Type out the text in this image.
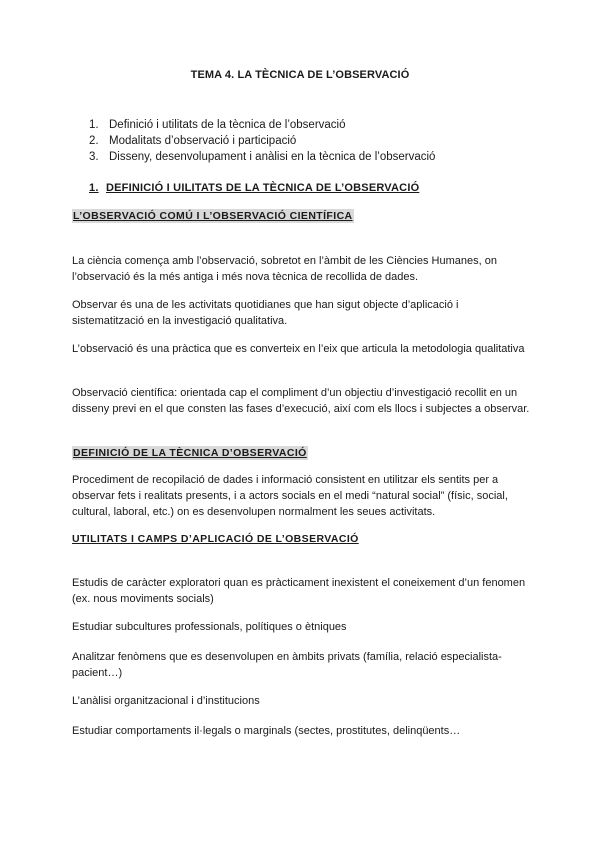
TEMA 4. LA TÈCNICA DE L’OBSERVACIÓ
1. Definició i utilitats de la tècnica de l’observació
2. Modalitats d’observació i participació
3. Disseny, desenvolupament i anàlisi en la tècnica de l’observació
1. DEFINICIÓ I UILITATS DE LA TÈCNICA DE L’OBSERVACIÓ
L’OBSERVACIÓ COMÚ I L’OBSERVACIÓ CIENTÍFICA

La ciència comença amb l’observació, sobretot en l’àmbit de les Ciències Humanes, on l’observació és la més antiga i més nova tècnica de recollida de dades.

Observar és una de les activitats quotidianes que han sigut objecte d’aplicació i sistematització en la investigació qualitativa.

L’observació és una pràctica que es converteix en l’eix que articula la metodologia qualitativa

Observació científica: orientada cap el compliment d’un objectiu d’investigació recollit en un disseny previ en el que consten las fases d’execució, així com els llocs i subjectes a observar.

DEFINICIÓ DE LA TÈCNICA D’OBSERVACIÓ

Procediment de recopilació de dades i informació consistent en utilitzar els sentits per a observar fets i realitats presents, i a actors socials en el medi “natural social” (físic, social, cultural, laboral, etc.) on es desenvolupen normalment les seues activitats.

UTILITATS I CAMPS D’APLICACIÓ DE L’OBSERVACIÓ

Estudis de caràcter exploratori quan es pràcticament inexistent el coneixement d’un fenomen (ex. nous moviments socials)

Estudiar subcultures professionals, polítiques o ètniques

Analitzar fenòmens que es desenvolupen en àmbits privats (família, relació especialista-pacient…)

L’anàlisi organitzacional i d’institucions

Estudiar comportaments il·legals o marginals (sectes, prostitutes, delinqüents…
